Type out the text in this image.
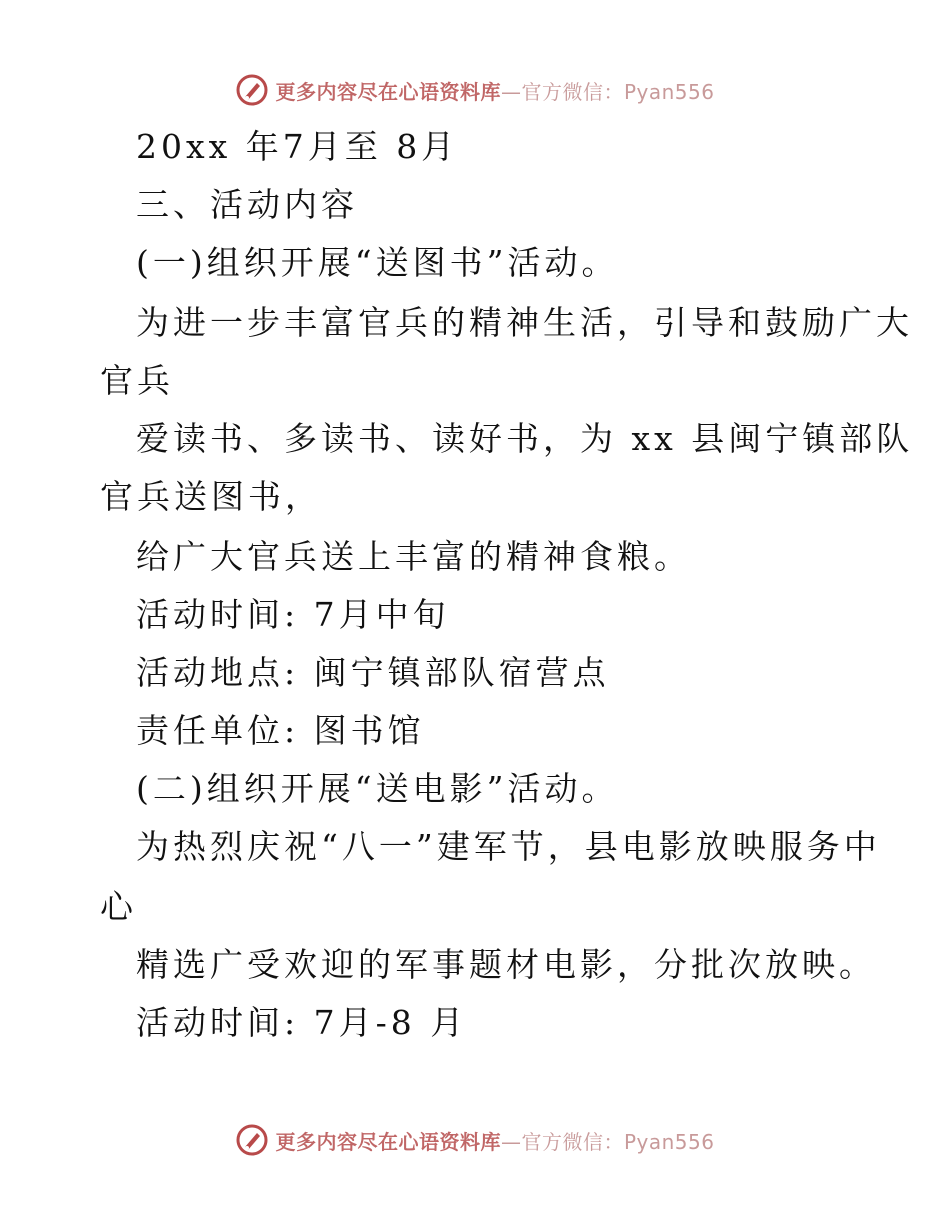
更多内容尽在心语资料库—官方微信：Pyan556
20xx 年7月至 8月
三、活动内容
(一)组织开展“送图书”活动。
为进一步丰富官兵的精神生活，引导和鼓励广大
官兵
爱读书、多读书、读好书，为 xx 县闽宁镇部队
官兵送图书，
给广大官兵送上丰富的精神食粮。
活动时间: 7月中旬
活动地点: 闽宁镇部队宿营点
责任单位: 图书馆
(二)组织开展“送电影”活动。
为热烈庆祝“八一”建军节，县电影放映服务中
心
精选广受欢迎的军事题材电影，分批次放映。
活动时间: 7月-8 月
更多内容尽在心语资料库—官方微信：Pyan556
